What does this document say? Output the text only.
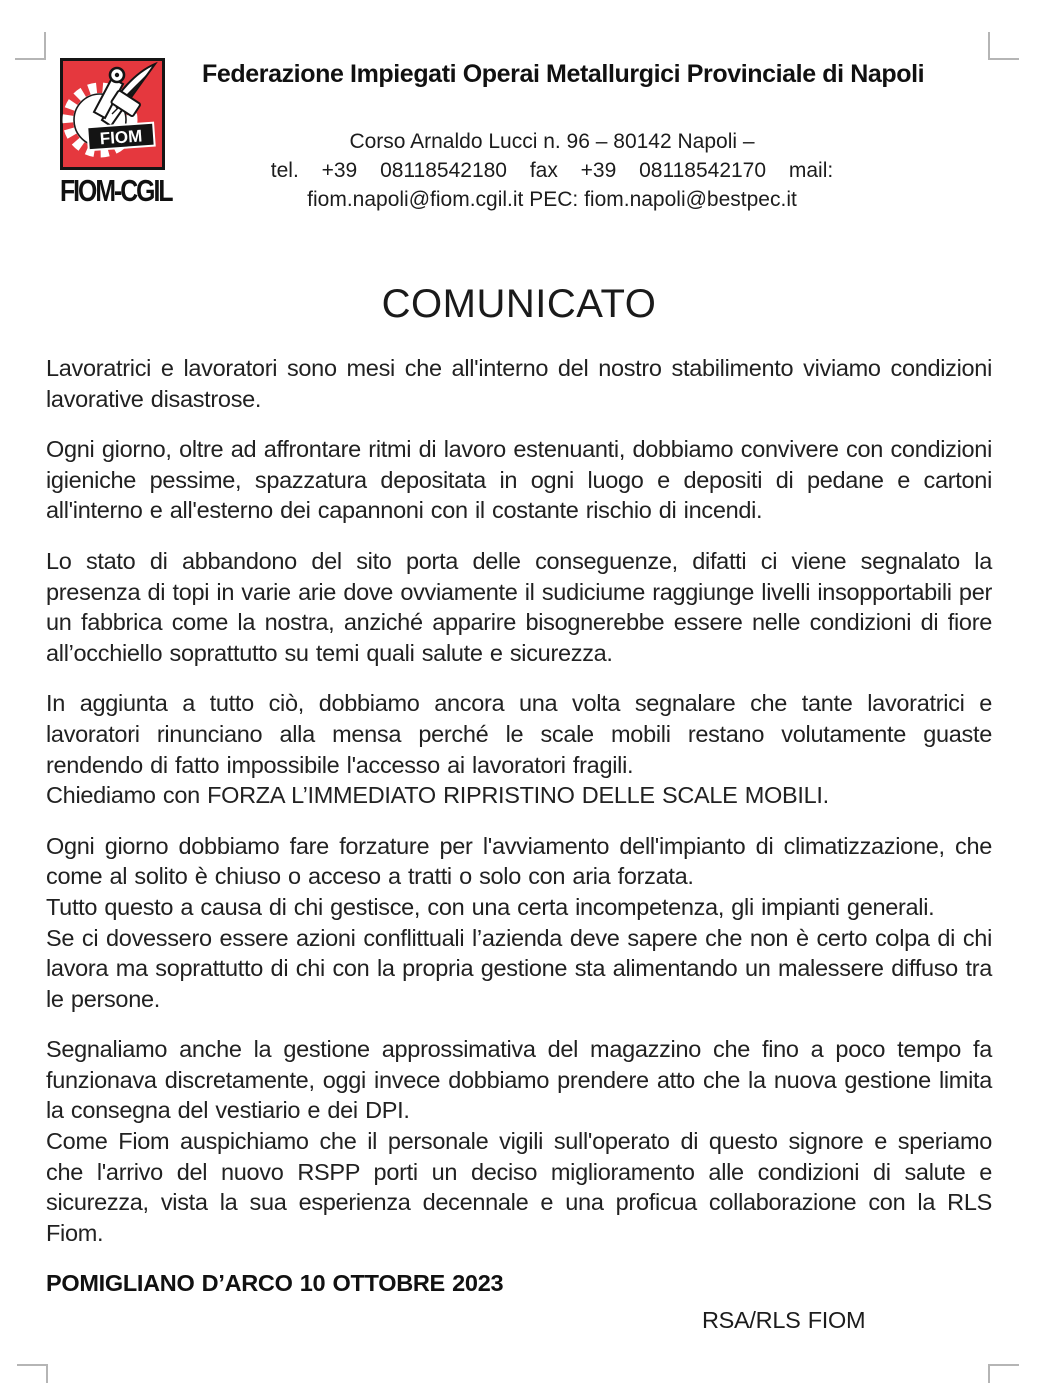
FIOM
FIOM-CGIL
Federazione Impiegati Operai Metallurgici Provinciale di Napoli
Corso Arnaldo Lucci n. 96 – 80142 Napoli –
tel. +39 08118542180 fax +39 08118542170 mail:
fiom.napoli@fiom.cgil.it PEC: fiom.napoli@bestpec.it
COMUNICATO

Lavoratrici e lavoratori sono mesi che all'interno del nostro stabilimento viviamo condizioni lavorative disastrose.

Ogni giorno, oltre ad affrontare ritmi di lavoro estenuanti, dobbiamo convivere con condizioni igieniche pessime, spazzatura depositata in ogni luogo e depositi di pedane e cartoni all'interno e all'esterno dei capannoni con il costante rischio di incendi.

Lo stato di abbandono del sito porta delle conseguenze, difatti ci viene segnalato la presenza di topi in varie arie dove ovviamente il sudiciume raggiunge livelli insopportabili per un fabbrica come la nostra, anziché apparire bisognerebbe essere nelle condizioni di fiore all’occhiello soprattutto su temi quali salute e sicurezza.

In aggiunta a tutto ciò, dobbiamo ancora una volta segnalare che tante lavoratrici e lavoratori rinunciano alla mensa perché le scale mobili restano volutamente guaste rendendo di fatto impossibile l'accesso ai lavoratori fragili.

Chiediamo con FORZA L’IMMEDIATO RIPRISTINO DELLE SCALE MOBILI.

Ogni giorno dobbiamo fare forzature per l'avviamento dell'impianto di climatizzazione, che come al solito è chiuso o acceso a tratti o solo con aria forzata.

Tutto questo a causa di chi gestisce, con una certa incompetenza, gli impianti generali.

Se ci dovessero essere azioni conflittuali l’azienda deve sapere che non è certo colpa di chi lavora ma soprattutto di chi con la propria gestione sta alimentando un malessere diffuso tra le persone.

Segnaliamo anche la gestione approssimativa del magazzino che fino a poco tempo fa funzionava discretamente, oggi invece dobbiamo prendere atto che la nuova gestione limita la consegna del vestiario e dei DPI.

Come Fiom auspichiamo che il personale vigili sull'operato di questo signore e speriamo che l'arrivo del nuovo RSPP porti un deciso miglioramento alle condizioni di salute e sicurezza, vista la sua esperienza decennale e una proficua collaborazione con la RLS Fiom.

POMIGLIANO D’ARCO 10 OTTOBRE 2023

RSA/RLS FIOM
